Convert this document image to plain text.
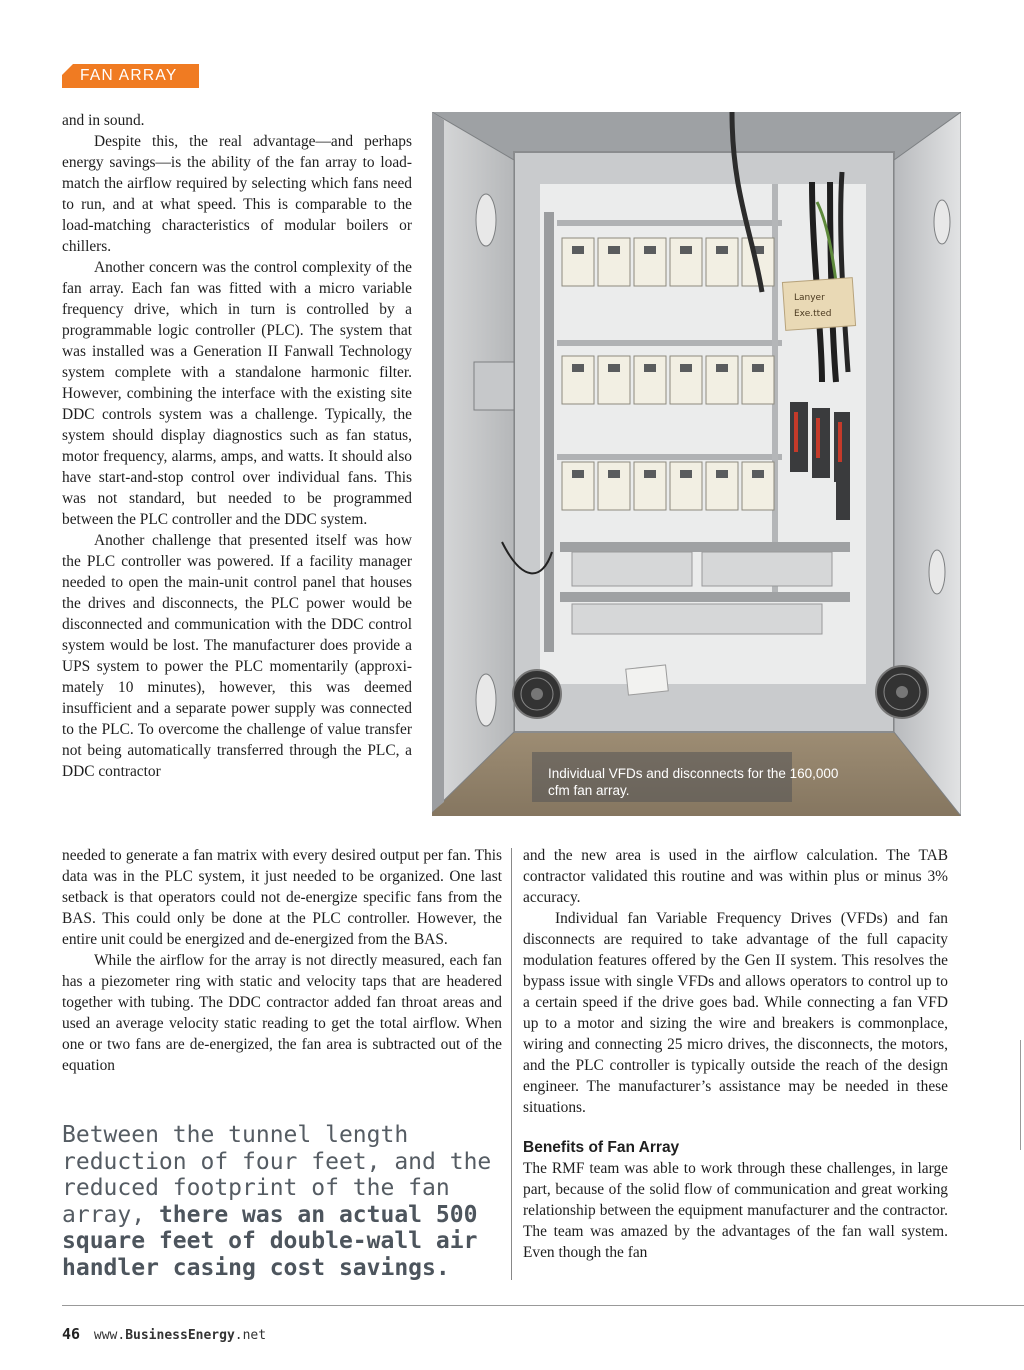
FAN ARRAY

and in sound.

Despite this, the real advantage—and perhaps energy savings—is the ability of the fan array to load-match the airflow required by selecting which fans need to run, and at what speed. This is comparable to the load-matching characteristics of modular boilers or chillers.

Another concern was the control complexity of the fan array. Each fan was fitted with a micro variable frequency drive, which in turn is controlled by a programmable logic controller (PLC). The system that was installed was a Generation II Fanwall Technology system complete with a standalone harmonic filter. However, combining the interface with the existing site DDC controls system was a challenge. Typically, the system should display diagnostics such as fan status, motor frequency, alarms, amps, and watts. It should also have start-and-stop control over individual fans. This was not standard, but needed to be programmed between the PLC controller and the DDC system.

Another challenge that presented itself was how the PLC controller was powered. If a facility manager needed to open the main-unit control panel that houses the drives and disconnects, the PLC power would be disconnected and communication with the DDC control system would be lost. The manufacturer does provide a UPS system to power the PLC momentarily (approximately 10 minutes), however, this was deemed insufficient and a separate power supply was connected to the PLC. To overcome the challenge of value transfer not being automatically transferred through the PLC, a DDC contractor

Lanyer
Exe.tted
Individual VFDs and disconnects for the 160,000 cfm fan array.

needed to generate a fan matrix with every desired output per fan. This data was in the PLC system, it just needed to be organized. One last setback is that operators could not de-energize specific fans from the BAS. This could only be done at the PLC controller. However, the entire unit could be energized and de-energized from the BAS.

While the airflow for the array is not directly measured, each fan has a piezometer ring with static and velocity taps that are headered together with tubing. The DDC contractor added fan throat areas and used an average velocity static reading to get the total airflow. When one or two fans are de-energized, the fan area is subtracted out of the equation

and the new area is used in the airflow calculation. The TAB contractor validated this routine and was within plus or minus 3% accuracy.

Individual fan Variable Frequency Drives (VFDs) and fan disconnects are required to take advantage of the full capacity modulation features offered by the Gen II system. This resolves the bypass issue with single VFDs and allows operators to control up to a certain speed if the drive goes bad. While connecting a fan VFD up to a motor and sizing the wire and breakers is commonplace, wiring and connecting 25 micro drives, the disconnects, the motors, and the PLC controller is typically outside the reach of the design engineer. The manufacturer’s assistance may be needed in these situations.

Benefits of Fan Array

The RMF team was able to work through these challenges, in large part, because of the solid flow of communication and great working relationship between the equipment manufacturer and the contractor. The team was amazed by the advantages of the fan wall system. Even though the fan

Between the tunnel length reduction of four feet, and the reduced footprint of the fan array, there was an actual 500 square feet of double-wall air handler casing cost savings.
46 www.BusinessEnergy.net
